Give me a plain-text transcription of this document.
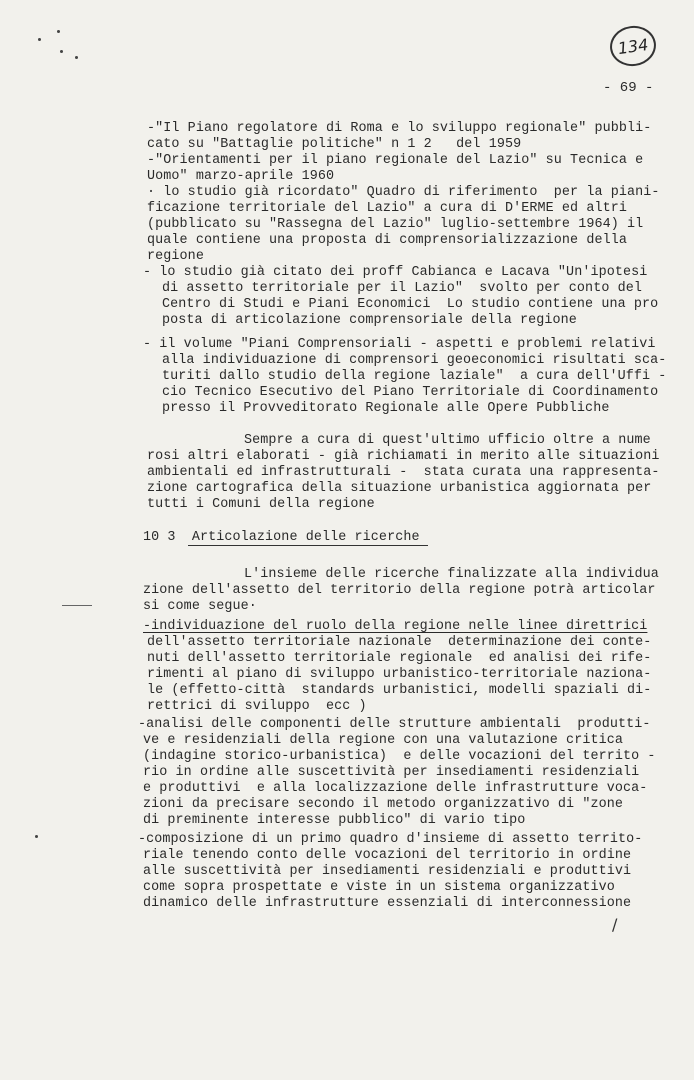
134
- 69 -
-"Il Piano regolatore di Roma e lo sviluppo regionale" pubbli-
cato su "Battaglie politiche" n 1 2   del 1959
-"Orientamenti per il piano regionale del Lazio" su Tecnica e
Uomo" marzo-aprile 1960
· lo studio già ricordato" Quadro di riferimento  per la piani-
ficazione territoriale del Lazio" a cura di D'ERME ed altri
(pubblicato su "Rassegna del Lazio" luglio-settembre 1964) il
quale contiene una proposta di comprensorializzazione della
regione
- lo studio già citato dei proff Cabianca e Lacava "Un'ipotesi
di assetto territoriale per il Lazio"  svolto per conto del
Centro di Studi e Piani Economici  Lo studio contiene una pro
posta di articolazione comprensoriale della regione
- il volume "Piani Comprensoriali - aspetti e problemi relativi
alla individuazione di comprensori geoeconomici risultati sca-
turiti dallo studio della regione laziale"  a cura dell'Uffi -
cio Tecnico Esecutivo del Piano Territoriale di Coordinamento
presso il Provveditorato Regionale alle Opere Pubbliche
Sempre a cura di quest'ultimo ufficio oltre a nume
rosi altri elaborati - già richiamati in merito alle situazioni
ambientali ed infrastrutturali -  stata curata una rappresenta-
zione cartografica della situazione urbanistica aggiornata per
tutti i Comuni della regione
10 3  Articolazione delle ricerche
L'insieme delle ricerche finalizzate alla individua
zione dell'assetto del territorio della regione potrà articolar
si come segue·
-individuazione del ruolo della regione nelle linee direttrici
dell'assetto territoriale nazionale  determinazione dei conte-
nuti dell'assetto territoriale regionale  ed analisi dei rife-
rimenti al piano di sviluppo urbanistico-territoriale naziona-
le (effetto-città  standards urbanistici, modelli spaziali di-
rettrici di sviluppo  ecc )
-analisi delle componenti delle strutture ambientali  produtti-
ve e residenziali della regione con una valutazione critica
(indagine storico-urbanistica)  e delle vocazioni del territo -
rio in ordine alle suscettività per insediamenti residenziali
e produttivi  e alla localizzazione delle infrastrutture voca-
zioni da precisare secondo il metodo organizzativo di "zone
di preminente interesse pubblico" di vario tipo
-composizione di un primo quadro d'insieme di assetto territo-
riale tenendo conto delle vocazioni del territorio in ordine
alle suscettività per insediamenti residenziali e produttivi
come sopra prospettate e viste in un sistema organizzativo
dinamico delle infrastrutture essenziali di interconnessione
/
